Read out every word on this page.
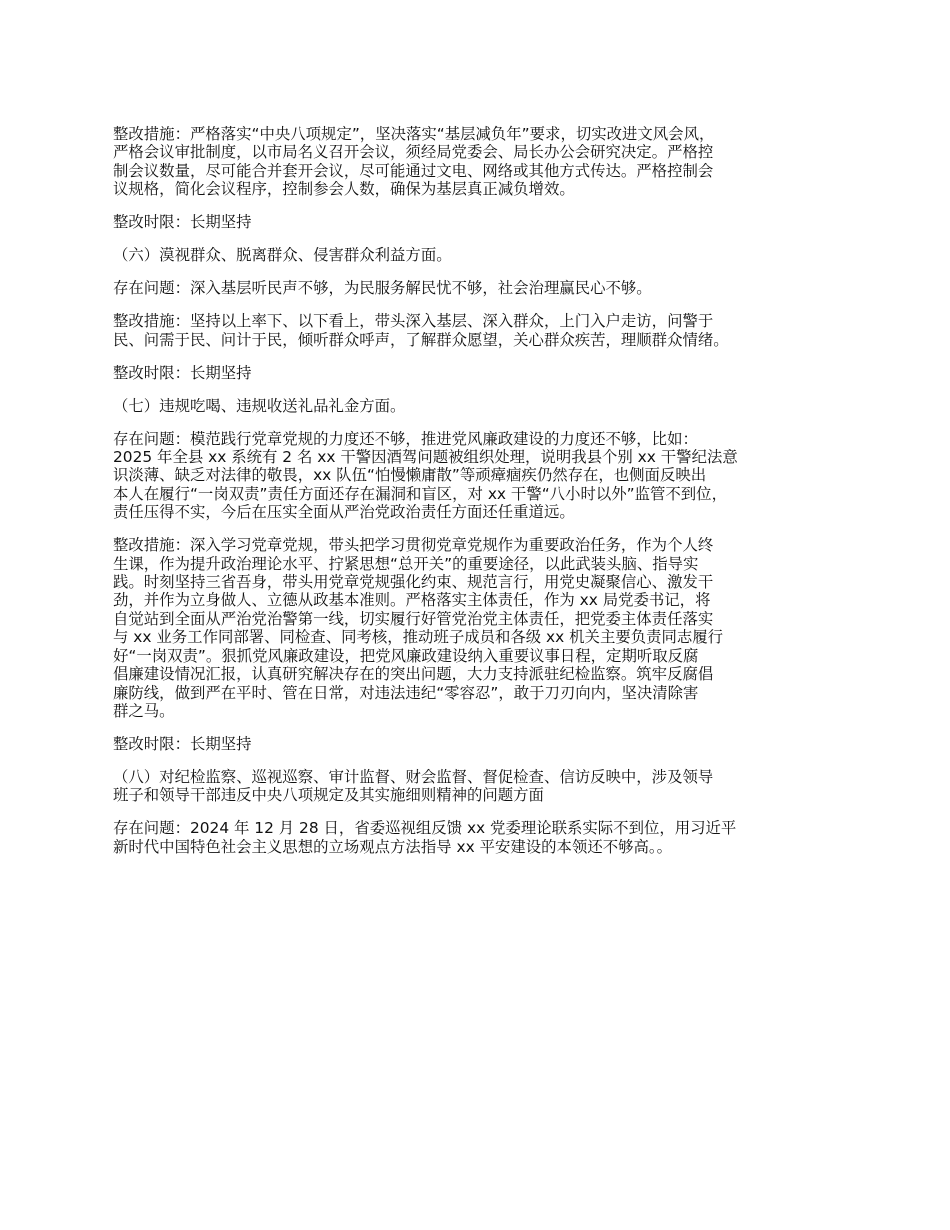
整改措施：严格落实“中央八项规定”，坚决落实“基层减负年”要求，切实改进文风会风，
严格会议审批制度，以市局名义召开会议，须经局党委会、局长办公会研究决定。严格控
制会议数量，尽可能合并套开会议，尽可能通过文电、网络或其他方式传达。严格控制会
议规格，简化会议程序，控制参会人数，确保为基层真正减负增效。

整改时限：长期坚持

（六）漠视群众、脱离群众、侵害群众利益方面。

存在问题：深入基层听民声不够，为民服务解民忧不够，社会治理赢民心不够。

整改措施：坚持以上率下、以下看上，带头深入基层、深入群众，上门入户走访，问警于
民、问需于民、问计于民，倾听群众呼声，了解群众愿望，关心群众疾苦，理顺群众情绪。

整改时限：长期坚持

（七）违规吃喝、违规收送礼品礼金方面。

存在问题：模范践行党章党规的力度还不够，推进党风廉政建设的力度还不够，比如：
2025 年全县 xx 系统有 2 名 xx 干警因酒驾问题被组织处理，说明我县个别 xx 干警纪法意
识淡薄、缺乏对法律的敬畏，xx 队伍“怕慢懒庸散”等顽瘴痼疾仍然存在，也侧面反映出
本人在履行“一岗双责”责任方面还存在漏洞和盲区，对 xx 干警“八小时以外”监管不到位，
责任压得不实，今后在压实全面从严治党政治责任方面还任重道远。

整改措施：深入学习党章党规，带头把学习贯彻党章党规作为重要政治任务，作为个人终
生课，作为提升政治理论水平、拧紧思想“总开关”的重要途径，以此武装头脑、指导实
践。时刻坚持三省吾身，带头用党章党规强化约束、规范言行，用党史凝聚信心、激发干
劲，并作为立身做人、立德从政基本准则。严格落实主体责任，作为 xx 局党委书记，将
自觉站到全面从严治党治警第一线，切实履行好管党治党主体责任，把党委主体责任落实
与 xx 业务工作同部署、同检查、同考核，推动班子成员和各级 xx 机关主要负责同志履行
好“一岗双责”。狠抓党风廉政建设，把党风廉政建设纳入重要议事日程，定期听取反腐
倡廉建设情况汇报，认真研究解决存在的突出问题，大力支持派驻纪检监察。筑牢反腐倡
廉防线，做到严在平时、管在日常，对违法违纪“零容忍”，敢于刀刃向内，坚决清除害
群之马。

整改时限：长期坚持

（八）对纪检监察、巡视巡察、审计监督、财会监督、督促检查、信访反映中，涉及领导
班子和领导干部违反中央八项规定及其实施细则精神的问题方面

存在问题：2024 年 12 月 28 日，省委巡视组反馈 xx 党委理论联系实际不到位，用习近平
新时代中国特色社会主义思想的立场观点方法指导 xx 平安建设的本领还不够高。。
